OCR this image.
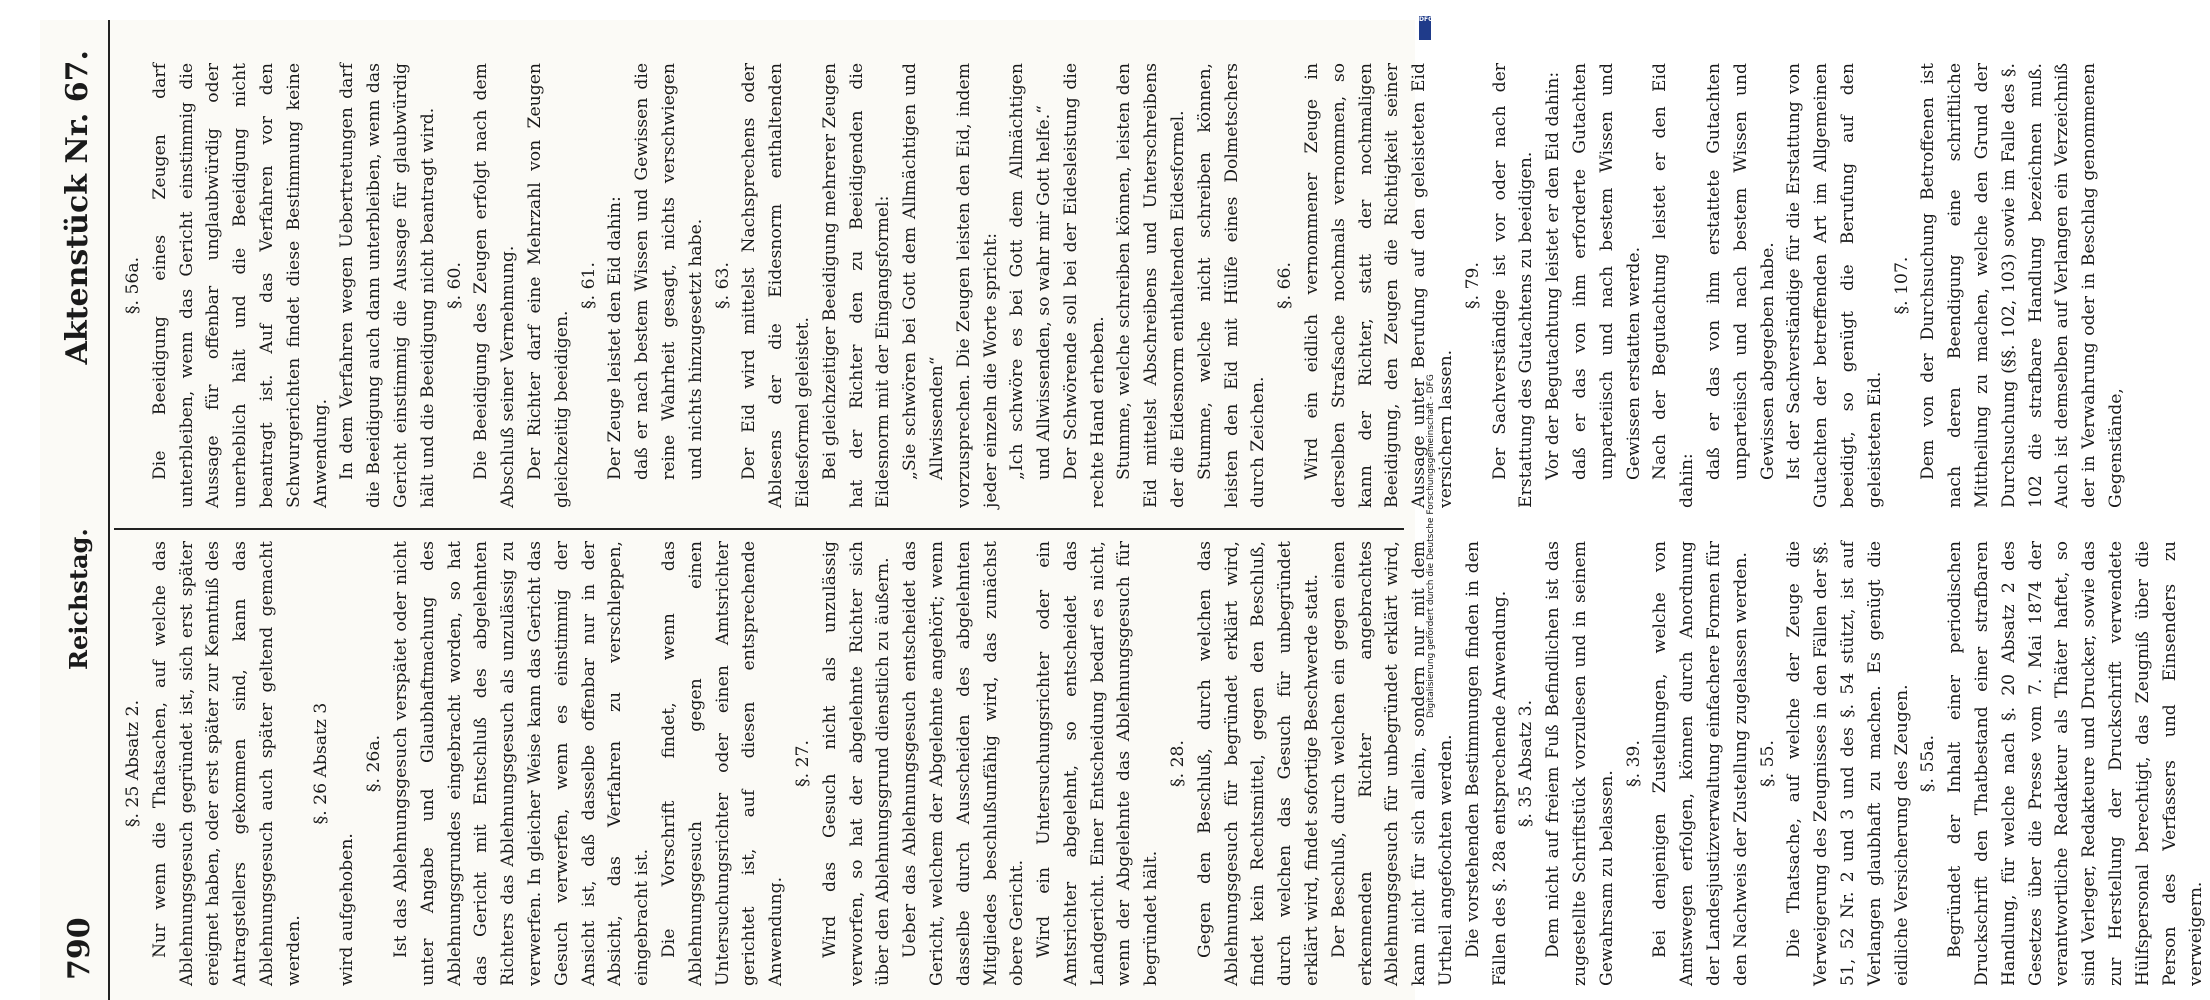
790
Reichstag.
Aktenstück Nr. 67.

§. 25 Absatz 2. Nur wenn die Thatsachen, auf welche das Ablehnungsgesuch gegründet ist, sich erst später ereignet haben, oder erst später zur Kenntniß des Antragstellers gekommen sind, kann das Ablehnungsgesuch auch später geltend gemacht werden.

§. 26 Absatz 3

wird aufgehoben.

§. 26a. Ist das Ablehnungsgesuch verspätet oder nicht unter Angabe und Glaubhaftmachung des Ablehnungsgrundes eingebracht worden, so hat das Gericht mit Entschluß des abgelehnten Richters das Ablehnungsgesuch als unzulässig zu verwerfen. In gleicher Weise kann das Gericht das Gesuch verwerfen, wenn es einstimmig der Ansicht ist, daß dasselbe offenbar nur in der Absicht, das Verfahren zu verschleppen, eingebracht ist. Die Vorschrift findet, wenn das Ablehnungsgesuch gegen einen Untersuchungsrichter oder einen Amtsrichter gerichtet ist, auf diesen entsprechende Anwendung.

§. 27. Wird das Gesuch nicht als unzulässig verworfen, so hat der abgelehnte Richter sich über den Ablehnungsgrund dienstlich zu äußern. Ueber das Ablehnungsgesuch entscheidet das Gericht, welchem der Abgelehnte angehört; wenn dasselbe durch Ausscheiden des abgelehnten Mitgliedes beschlußunfähig wird, das zunächst obere Gericht. Wird ein Untersuchungsrichter oder ein Amtsrichter abgelehnt, so entscheidet das Landgericht. Einer Entscheidung bedarf es nicht, wenn der Abgelehnte das Ablehnungsgesuch für begründet hält.

§. 28. Gegen den Beschluß, durch welchen das Ablehnungsgesuch für begründet erklärt wird, findet kein Rechtsmittel, gegen den Beschluß, durch welchen das Gesuch für unbegründet erklärt wird, findet sofortige Beschwerde statt. Der Beschluß, durch welchen ein gegen einen erkennenden Richter angebrachtes Ablehnungsgesuch für unbegründet erklärt wird, kann nicht für sich allein, sondern nur mit dem Urtheil angefochten werden. Die vorstehenden Bestimmungen finden in den Fällen des §. 28a entsprechende Anwendung. §. 35 Absatz 3. Dem nicht auf freiem Fuß Befindlichen ist das zugestellte Schriftstück vorzulesen und in seinem Gewahrsam zu belassen.

§. 39. Bei denjenigen Zustellungen, welche von Amtswegen erfolgen, können durch Anordnung der Landesjustizverwaltung einfachere Formen für den Nachweis der Zustellung zugelassen werden. §. 55. Die Thatsache, auf welche der Zeuge die Verweigerung des Zeugnisses in den Fällen der §§. 51, 52 Nr. 2 und 3 und des §. 54 stützt, ist auf Verlangen glaubhaft zu machen. Es genügt die eidliche Versicherung des Zeugen. §. 55a. Begründet der Inhalt einer periodischen Druckschrift den Thatbestand einer strafbaren Handlung, für welche nach §. 20 Absatz 2 des Gesetzes über die Presse vom 7. Mai 1874 der verantwortliche Redakteur als Thäter haftet, so sind Verleger, Redakteure und Drucker, sowie das zur Herstellung der Druckschrift verwendete Hülfspersonal berechtigt, das Zeugniß über die Person des Verfassers und Einsenders zu verweigern.

§. 56a. Die Beeidigung eines Zeugen darf unterbleiben, wenn das Gericht einstimmig die Aussage für offenbar unglaubwürdig oder unerheblich hält und die Beeidigung nicht beantragt ist. Auf das Verfahren vor den Schwurgerichten findet diese Bestimmung keine Anwendung. In dem Verfahren wegen Uebertretungen darf die Beeidigung auch dann unterbleiben, wenn das Gericht einstimmig die Aussage für glaubwürdig hält und die Beeidigung nicht beantragt wird. §. 60. Die Beeidigung des Zeugen erfolgt nach dem Abschluß seiner Vernehmung. Der Richter darf eine Mehrzahl von Zeugen gleichzeitig beeidigen.

§. 61. Der Zeuge leistet den Eid dahin: daß er nach bestem Wissen und Gewissen die reine Wahrheit gesagt, nichts verschwiegen und nichts hinzugesetzt habe. §. 63. Der Eid wird mittelst Nachsprechens oder Ablesens der die Eidesnorm enthaltenden Eidesformel geleistet. Bei gleichzeitiger Beeidigung mehrerer Zeugen hat der Richter den zu Beeidigenden die Eidesnorm mit der Eingangsformel: „Sie schwören bei Gott dem Allmächtigen und Allwissenden“ vorzusprechen. Die Zeugen leisten den Eid, indem jeder einzeln die Worte spricht: „Ich schwöre es bei Gott dem Allmächtigen und Allwissenden, so wahr mir Gott helfe.“ Der Schwörende soll bei der Eidesleistung die rechte Hand erheben. Stumme, welche schreiben können, leisten den Eid mittelst Abschreibens und Unterschreibens der die Eidesnorm enthaltenden Eidesformel. Stumme, welche nicht schreiben können, leisten den Eid mit Hülfe eines Dolmetschers durch Zeichen.

§. 66. Wird ein eidlich vernommener Zeuge in derselben Strafsache nochmals vernommen, so kann der Richter, statt der nochmaligen Beeidigung, den Zeugen die Richtigkeit seiner Aussage unter Berufung auf den geleisteten Eid versichern lassen.

§. 79. Der Sachverständige ist vor oder nach der Erstattung des Gutachtens zu beeidigen. Vor der Begutachtung leistet er den Eid dahin: daß er das von ihm erforderte Gutachten unparteiisch und nach bestem Wissen und Gewissen erstatten werde. Nach der Begutachtung leistet er den Eid dahin:

daß er das von ihm erstattete Gutachten unparteiisch und nach bestem Wissen und Gewissen abgegeben habe. Ist der Sachverständige für die Erstattung von Gutachten der betreffenden Art im Allgemeinen beeidigt, so genügt die Berufung auf den geleisteten Eid.

§. 107. Dem von der Durchsuchung Betroffenen ist nach deren Beendigung eine schriftliche Mittheilung zu machen, welche den Grund der Durchsuchung (§§. 102, 103) sowie im Falle des §. 102 die strafbare Handlung bezeichnen muß. Auch ist demselben auf Verlangen ein Verzeichniß der in Verwahrung oder in Beschlag genommenen Gegenstände,

DFG
Digitalisierung gefördert durch die Deutsche Forschungsgemeinschaft - DFG
